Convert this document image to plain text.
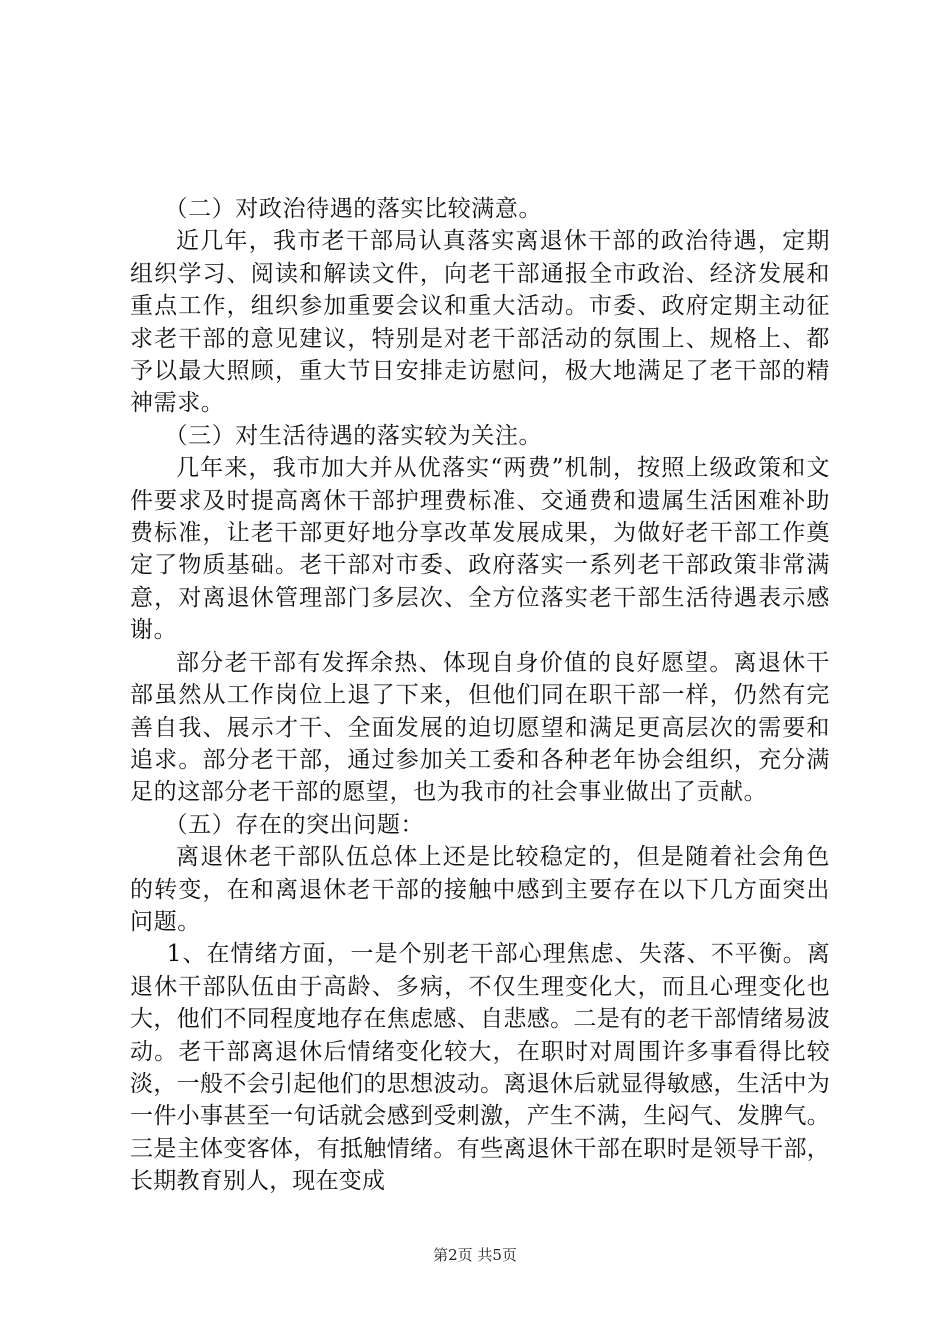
（二）对政治待遇的落实比较满意。

近几年，我市老干部局认真落实离退休干部的政治待遇，定期组织学习、阅读和解读文件，向老干部通报全市政治、经济发展和重点工作，组织参加重要会议和重大活动。市委、政府定期主动征求老干部的意见建议，特别是对老干部活动的氛围上、规格上、都予以最大照顾，重大节日安排走访慰问，极大地满足了老干部的精神需求。

（三）对生活待遇的落实较为关注。

几年来，我市加大并从优落实“两费”机制，按照上级政策和文件要求及时提高离休干部护理费标准、交通费和遗属生活困难补助费标准，让老干部更好地分享改革发展成果，为做好老干部工作奠定了物质基础。老干部对市委、政府落实一系列老干部政策非常满意，对离退休管理部门多层次、全方位落实老干部生活待遇表示感谢。

部分老干部有发挥余热、体现自身价值的良好愿望。离退休干部虽然从工作岗位上退了下来，但他们同在职干部一样，仍然有完善自我、展示才干、全面发展的迫切愿望和满足更高层次的需要和追求。部分老干部，通过参加关工委和各种老年协会组织，充分满足的这部分老干部的愿望，也为我市的社会事业做出了贡献。

（五）存在的突出问题：

离退休老干部队伍总体上还是比较稳定的，但是随着社会角色的转变，在和离退休老干部的接触中感到主要存在以下几方面突出问题。

1、在情绪方面，一是个别老干部心理焦虑、失落、不平衡。离退休干部队伍由于高龄、多病，不仅生理变化大，而且心理变化也大，他们不同程度地存在焦虑感、自悲感。二是有的老干部情绪易波动。老干部离退休后情绪变化较大，在职时对周围许多事看得比较淡，一般不会引起他们的思想波动。离退休后就显得敏感，生活中为一件小事甚至一句话就会感到受刺激，产生不满，生闷气、发脾气。三是主体变客体，有抵触情绪。有些离退休干部在职时是领导干部，长期教育别人，现在变成

第2页 共5页
